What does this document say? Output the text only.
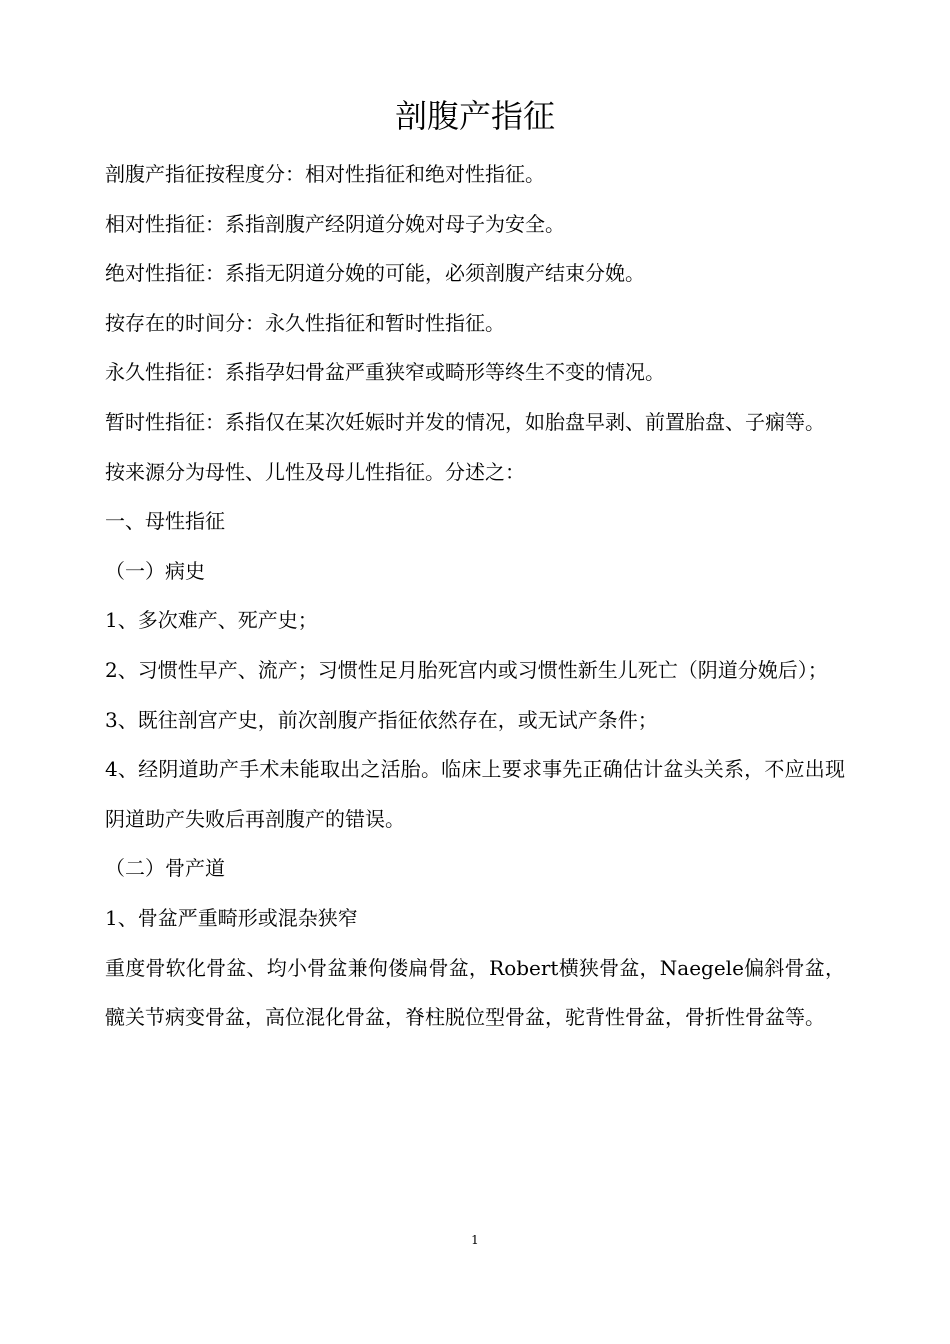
剖腹产指征

剖腹产指征按程度分：相对性指征和绝对性指征。

相对性指征：系指剖腹产经阴道分娩对母子为安全。

绝对性指征：系指无阴道分娩的可能，必须剖腹产结束分娩。

按存在的时间分：永久性指征和暂时性指征。

永久性指征：系指孕妇骨盆严重狭窄或畸形等终生不变的情况。

暂时性指征：系指仅在某次妊娠时并发的情况，如胎盘早剥、前置胎盘、子痫等。

按来源分为母性、儿性及母儿性指征。分述之：

一、母性指征

（一）病史

1、多次难产、死产史；

2、习惯性早产、流产；习惯性足月胎死宫内或习惯性新生儿死亡（阴道分娩后）；

3、既往剖宫产史，前次剖腹产指征依然存在，或无试产条件；

4、经阴道助产手术未能取出之活胎。临床上要求事先正确估计盆头关系，不应出现阴道助产失败后再剖腹产的错误。

（二）骨产道

1、骨盆严重畸形或混杂狭窄

重度骨软化骨盆、均小骨盆兼佝偻扁骨盆，Robert横狭骨盆，Naegele偏斜骨盆，髋关节病变骨盆，高位混化骨盆，脊柱脱位型骨盆，驼背性骨盆，骨折性骨盆等。

1
